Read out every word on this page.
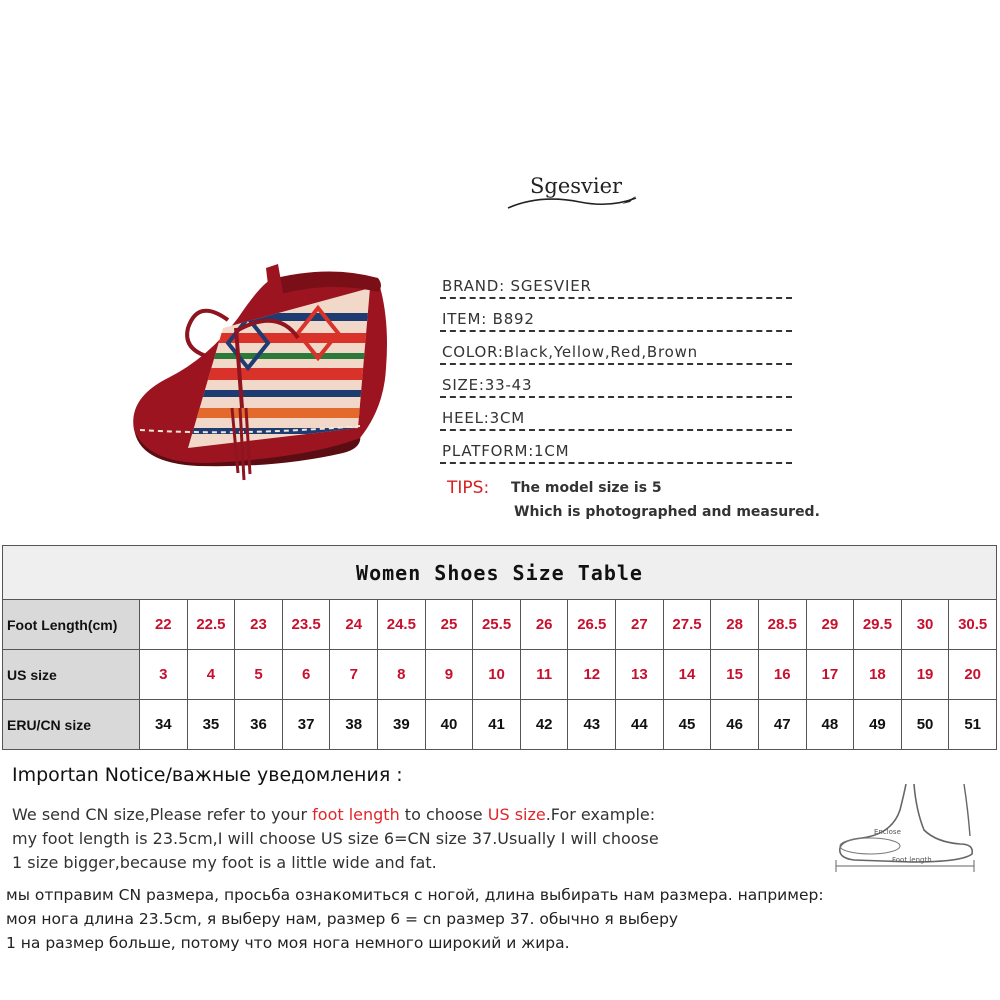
Sgesvier
BRAND: SGESVIER
ITEM: B892
COLOR:Black,Yellow,Red,Brown
SIZE:33-43
HEEL:3CM
PLATFORM:1CM
TIPS: The model size is 5
Which is photographed and measured.
Women Shoes Size Table																		
Foot Length(cm)	22	22.5	23	23.5	24	24.5	25	25.5	26	26.5	27	27.5	28	28.5	29	29.5	30	30.5
US size	3	4	5	6	7	8	9	10	11	12	13	14	15	16	17	18	19	20
ERU/CN size	34	35	36	37	38	39	40	41	42	43	44	45	46	47	48	49	50	51
Importan Notice/важные уведомления :
We send CN size,Please refer to your foot length to choose US size.For example:
my foot length is 23.5cm,I will choose US size 6=CN size 37.Usually I will choose
1 size bigger,because my foot is a little wide and fat.
мы отправим CN размера, просьба ознакомиться с ногой, длина выбирать нам размера. например:
моя нога длина 23.5cm, я выберу нам, размер 6 = cn размер 37. обычно я выберу
1 на размер больше, потому что моя нога немного широкий и жира.
Enclose
Foot length
